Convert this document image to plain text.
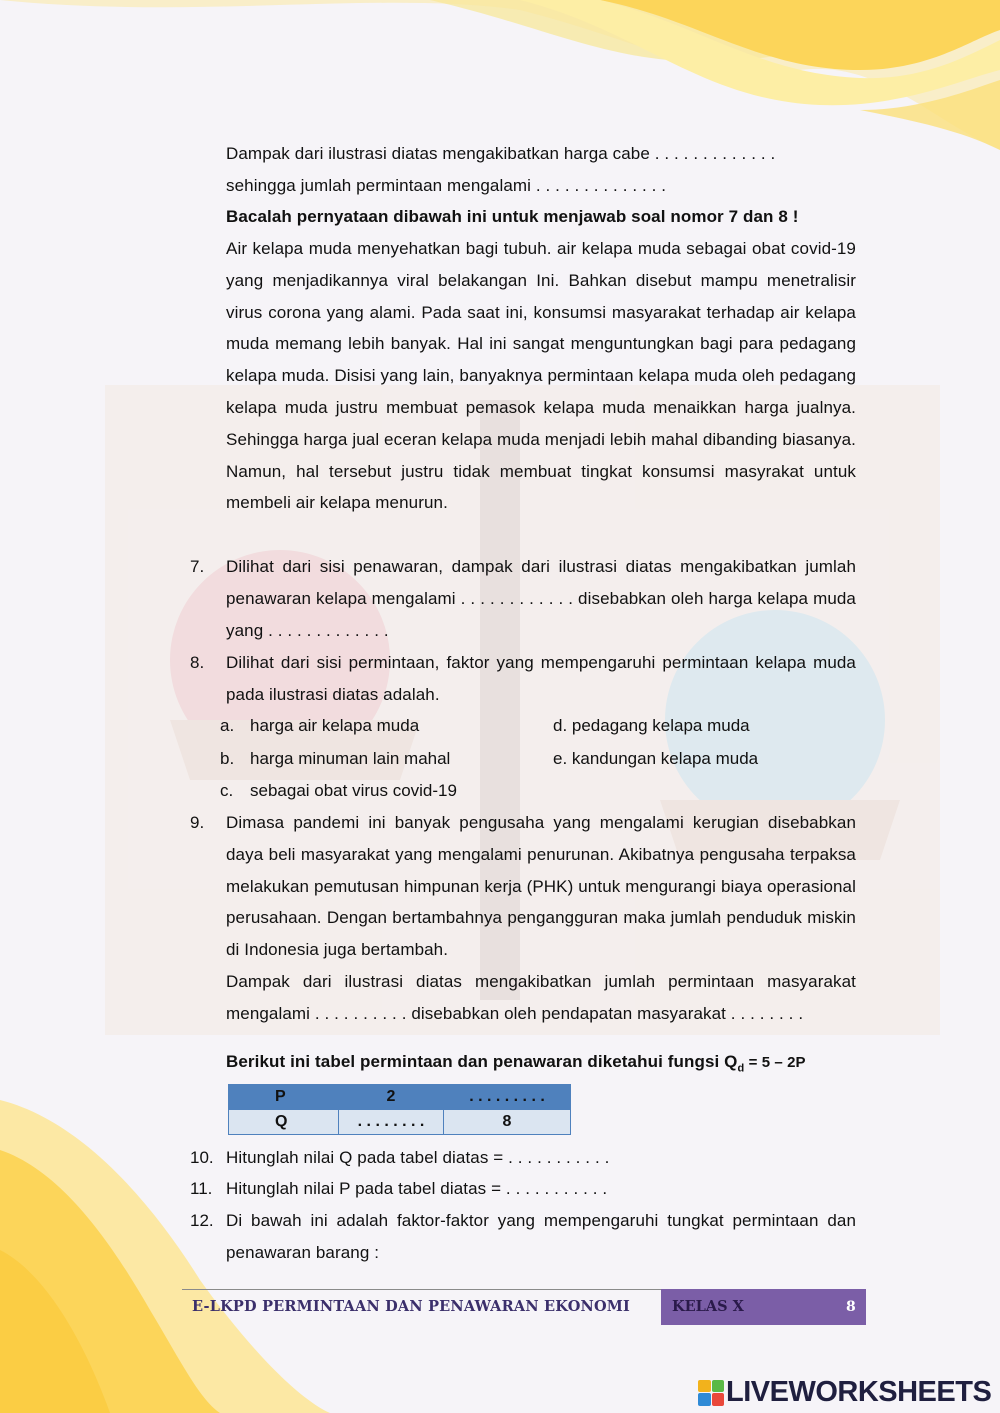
Dampak dari ilustrasi diatas mengakibatkan harga cabe . . . . . . . . . . . . .
sehingga jumlah permintaan mengalami . . . . . . . . . . . . . .
Bacalah pernyataan dibawah ini untuk menjawab soal nomor 7 dan 8 !
Air kelapa muda menyehatkan bagi tubuh. air kelapa muda sebagai obat covid-19 yang menjadikannya viral belakangan Ini. Bahkan disebut mampu menetralisir virus corona yang alami. Pada saat ini, konsumsi masyarakat terhadap air kelapa muda memang lebih banyak. Hal ini sangat menguntungkan bagi para pedagang kelapa muda. Disisi yang lain, banyaknya permintaan kelapa muda oleh pedagang kelapa muda justru membuat pemasok kelapa muda menaikkan harga jualnya. Sehingga harga jual eceran kelapa muda menjadi lebih mahal dibanding biasanya. Namun, hal tersebut justru tidak membuat tingkat konsumsi masyrakat untuk membeli air kelapa menurun.
7. Dilihat dari sisi penawaran, dampak dari ilustrasi diatas mengakibatkan jumlah penawaran kelapa mengalami . . . . . . . . . . . . disebabkan oleh harga kelapa muda yang . . . . . . . . . . . . .
8. Dilihat dari sisi permintaan, faktor yang mempengaruhi permintaan kelapa muda pada ilustrasi diatas adalah.
a. harga air kelapa muda
b. harga minuman lain mahal
c. sebagai obat virus covid-19
d. pedagang kelapa muda
e. kandungan kelapa muda
9. Dimasa pandemi ini banyak pengusaha yang mengalami kerugian disebabkan daya beli masyarakat yang mengalami penurunan. Akibatnya pengusaha terpaksa melakukan pemutusan himpunan kerja (PHK) untuk mengurangi biaya operasional perusahaan. Dengan bertambahnya pengangguran maka jumlah penduduk miskin di Indonesia juga bertambah.
Dampak dari ilustrasi diatas mengakibatkan jumlah permintaan masyarakat mengalami . . . . . . . . . . disebabkan oleh pendapatan masyarakat . . . . . . . .
Berikut ini tabel permintaan dan penawaran diketahui fungsi $Q_d = 5 - 2P$
P	2	. . . . . . . . .
Q	. . . . . . . .	8
10. Hitunglah nilai Q pada tabel diatas = . . . . . . . . . . .
11. Hitunglah nilai P pada tabel diatas = . . . . . . . . . . .
12. Di bawah ini adalah faktor-faktor yang mempengaruhi tungkat permintaan dan penawaran barang :
E-LKPD PERMINTAAN DAN PENAWARAN EKONOMI	KELAS X	8
LIVEWORKSHEETS
